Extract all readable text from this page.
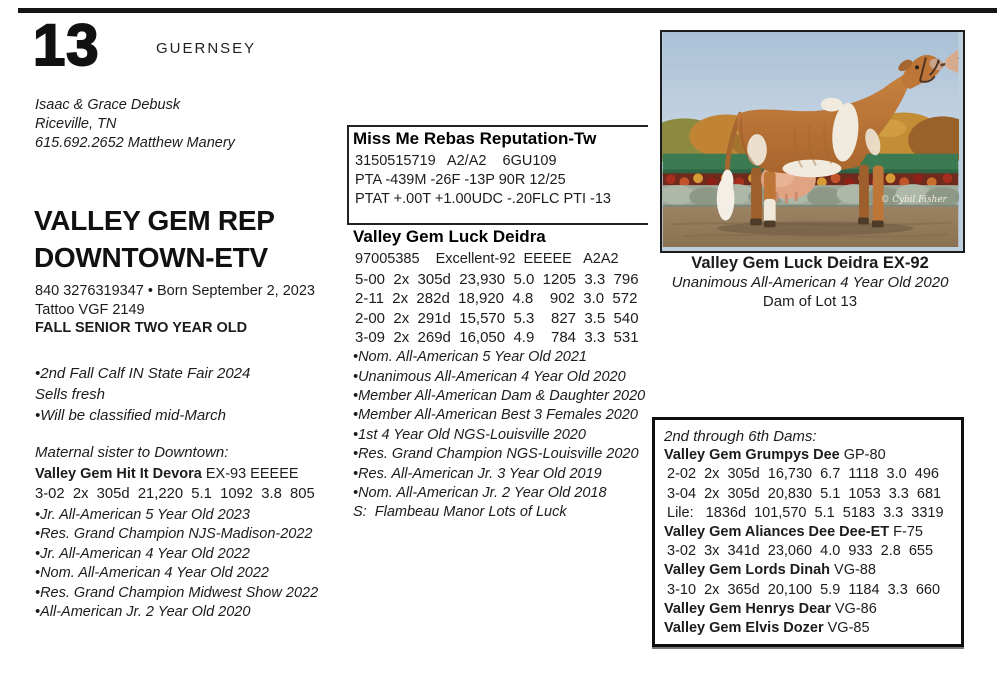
13	GUERNSEY
Isaac & Grace Debusk
Riceville, TN
615.692.2652 Matthew Manery
VALLEY GEM REP
DOWNTOWN-ETV
840 3276319347 • Born September 2, 2023
Tattoo VGF 2149
FALL SENIOR TWO YEAR OLD
•2nd Fall Calf IN State Fair 2024
Sells fresh
•Will be classified mid-March
Maternal sister to Downtown:
Valley Gem Hit It Devora EX-93 EEEEE
3-02  2x  305d  21,220  5.1  1092  3.8  805
•Jr. All-American 5 Year Old 2023
•Res. Grand Champion NJS-Madison-2022
•Jr. All-American 4 Year Old 2022
•Nom. All-American 4 Year Old 2022
•Res. Grand Champion Midwest Show 2022
•All-American Jr. 2 Year Old 2020
Miss Me Rebas Reputation-Tw
3150515719   A2/A2    6GU109
PTA -439M -26F -13P 90R 12/25
PTAT +.00T +1.00UDC -.20FLC PTI -13
Valley Gem Luck Deidra
97005385    Excellent-92  EEEEE   A2A2
5-00  2x  305d  23,930  5.0  1205  3.3  796
2-11  2x  282d  18,920  4.8    902  3.0  572
2-00  2x  291d  15,570  5.3    827  3.5  540
3-09  2x  269d  16,050  4.9    784  3.3  531
•Nom. All-American 5 Year Old 2021
•Unanimous All-American 4 Year Old 2020
•Member All-American Dam & Daughter 2020
•Member All-American Best 3 Females 2020
•1st 4 Year Old NGS-Louisville 2020
•Res. Grand Champion NGS-Louisville 2020
•Res. All-American Jr. 3 Year Old 2019
•Nom. All-American Jr. 2 Year Old 2018
S:  Flambeau Manor Lots of Luck
© Cybil Fisher
Valley Gem Luck Deidra EX-92
Unanimous All-American 4 Year Old 2020
Dam of Lot 13
2nd through 6th Dams:
Valley Gem Grumpys Dee GP-80
2-02  2x  305d  16,730  6.7  1118  3.0  496
3-04  2x  305d  20,830  5.1  1053  3.3  681
Lile:   1836d  101,570  5.1  5183  3.3  3319
Valley Gem Aliances Dee Dee-ET F-75
3-02  3x  341d  23,060  4.0  933  2.8  655
Valley Gem Lords Dinah VG-88
3-10  2x  365d  20,100  5.9  1184  3.3  660
Valley Gem Henrys Dear VG-86
Valley Gem Elvis Dozer VG-85
